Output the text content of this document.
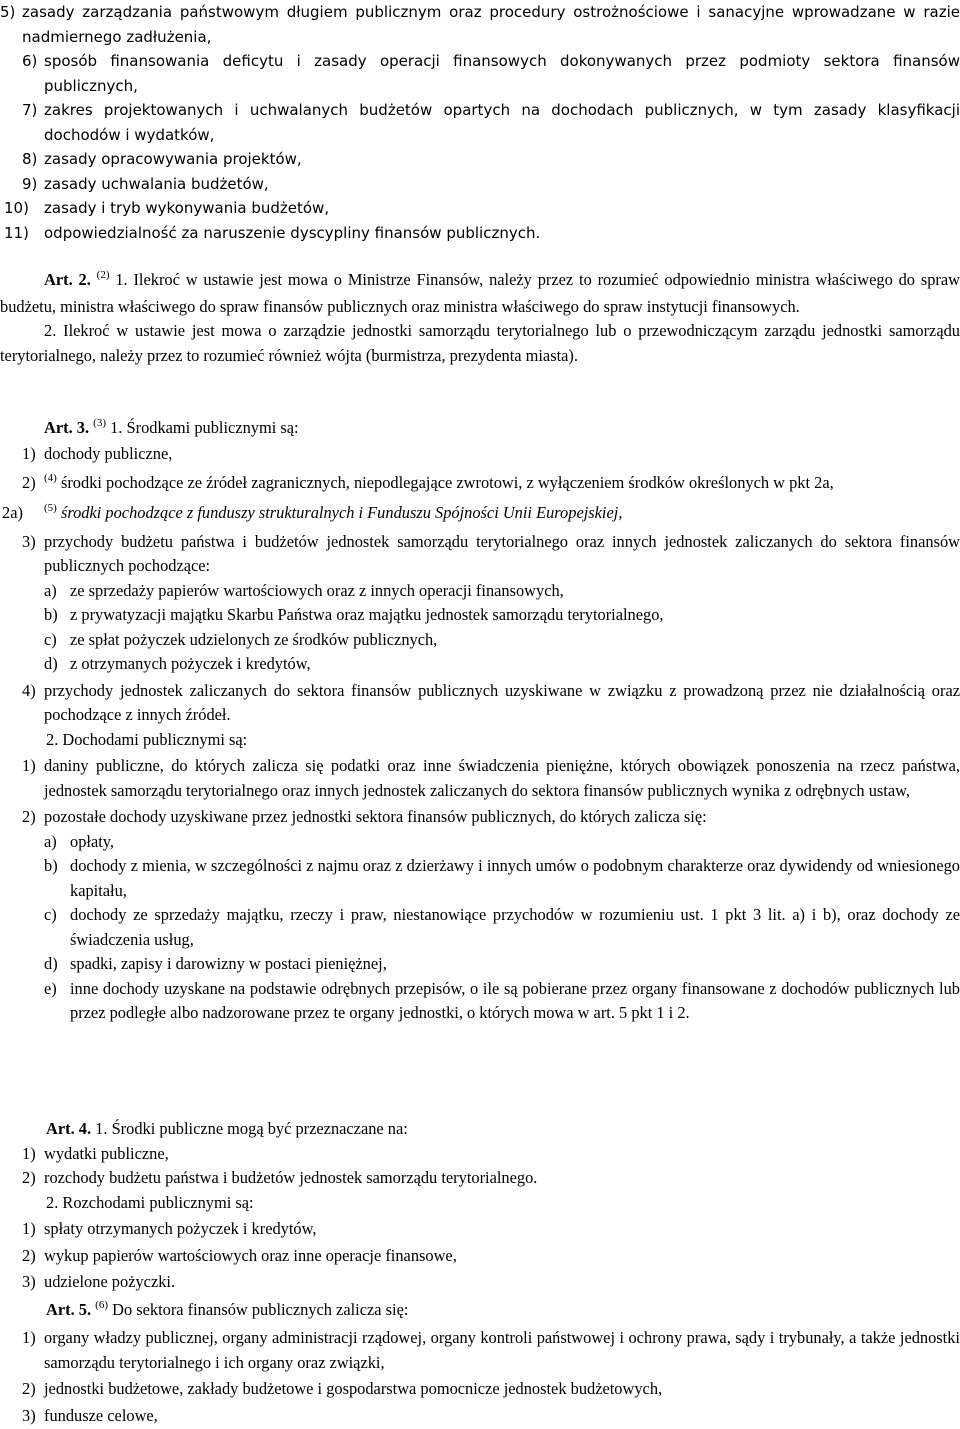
5) zasady zarządzania państwowym długiem publicznym oraz procedury ostrożnościowe i sanacyjne wprowadzane w razie nadmiernego zadłużenia,
6) sposób finansowania deficytu i zasady operacji finansowych dokonywanych przez podmioty sektora finansów publicznych,
7) zakres projektowanych i uchwalanych budżetów opartych na dochodach publicznych, w tym zasady klasyfikacji dochodów i wydatków,
8) zasady opracowywania projektów,
9) zasady uchwalania budżetów,
10) zasady i tryb wykonywania budżetów,
11) odpowiedzialność za naruszenie dyscypliny finansów publicznych.

Art. 2. $^{(2)}$ 1. Ilekroć w ustawie jest mowa o Ministrze Finansów, należy przez to rozumieć odpowiednio ministra właściwego do spraw budżetu, ministra właściwego do spraw finansów publicznych oraz ministra właściwego do spraw instytucji finansowych.

2. Ilekroć w ustawie jest mowa o zarządzie jednostki samorządu terytorialnego lub o przewodniczącym zarządu jednostki samorządu terytorialnego, należy przez to rozumieć również wójta (burmistrza, prezydenta miasta).

Art. 3. $^{(3)}$ 1. Środkami publicznymi są:

1) dochody publiczne,
2) $^{(4)}$ środki pochodzące ze źródeł zagranicznych, niepodlegające zwrotowi, z wyłączeniem środków określonych w pkt 2a,
2a) $^{(5)}$ środki pochodzące z funduszy strukturalnych i Funduszu Spójności Unii Europejskiej,
3) przychody budżetu państwa i budżetów jednostek samorządu terytorialnego oraz innych jednostek zaliczanych do sektora finansów publicznych pochodzące:
a) ze sprzedaży papierów wartościowych oraz z innych operacji finansowych,
b) z prywatyzacji majątku Skarbu Państwa oraz majątku jednostek samorządu terytorialnego,
c) ze spłat pożyczek udzielonych ze środków publicznych,
d) z otrzymanych pożyczek i kredytów,
4) przychody jednostek zaliczanych do sektora finansów publicznych uzyskiwane w związku z prowadzoną przez nie działalnością oraz pochodzące z innych źródeł.

2. Dochodami publicznymi są:

1) daniny publiczne, do których zalicza się podatki oraz inne świadczenia pieniężne, których obowiązek ponoszenia na rzecz państwa, jednostek samorządu terytorialnego oraz innych jednostek zaliczanych do sektora finansów publicznych wynika z odrębnych ustaw,
2) pozostałe dochody uzyskiwane przez jednostki sektora finansów publicznych, do których zalicza się:
a) opłaty,
b) dochody z mienia, w szczególności z najmu oraz z dzierżawy i innych umów o podobnym charakterze oraz dywidendy od wniesionego kapitału,
c) dochody ze sprzedaży majątku, rzeczy i praw, niestanowiące przychodów w rozumieniu ust. 1 pkt 3 lit. a) i b), oraz dochody ze świadczenia usług,
d) spadki, zapisy i darowizny w postaci pieniężnej,
e) inne dochody uzyskane na podstawie odrębnych przepisów, o ile są pobierane przez organy finansowane z dochodów publicznych lub przez podległe albo nadzorowane przez te organy jednostki, o których mowa w art. 5 pkt 1 i 2.

Art. 4. 1. Środki publiczne mogą być przeznaczane na:

1) wydatki publiczne,
2) rozchody budżetu państwa i budżetów jednostek samorządu terytorialnego.

2. Rozchodami publicznymi są:

1) spłaty otrzymanych pożyczek i kredytów,
2) wykup papierów wartościowych oraz inne operacje finansowe,
3) udzielone pożyczki.

Art. 5. $^{(6)}$ Do sektora finansów publicznych zalicza się:

1) organy władzy publicznej, organy administracji rządowej, organy kontroli państwowej i ochrony prawa, sądy i trybunały, a także jednostki samorządu terytorialnego i ich organy oraz związki,
2) jednostki budżetowe, zakłady budżetowe i gospodarstwa pomocnicze jednostek budżetowych,
3) fundusze celowe,
